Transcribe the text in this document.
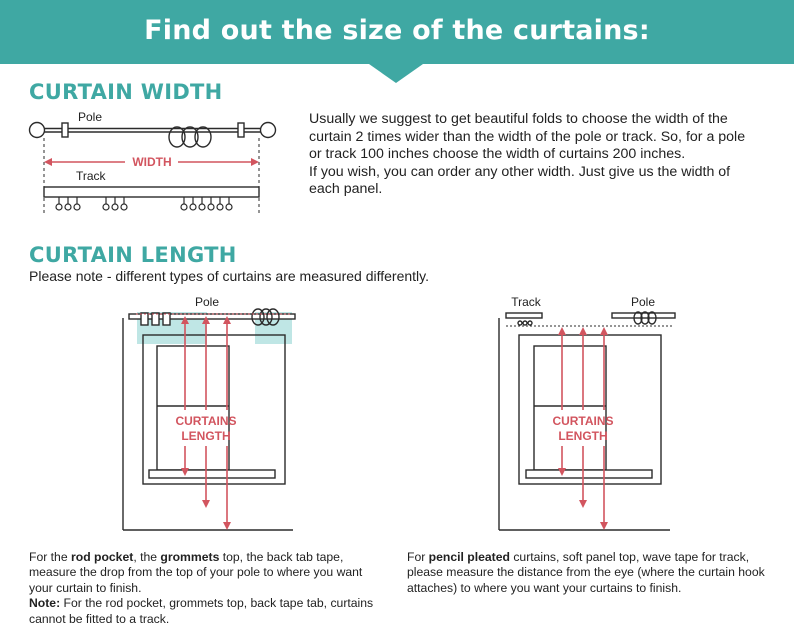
Find out the size of the curtains:
CURTAIN WIDTH
Pole
WIDTH
Track
Usually we suggest to get beautiful folds to choose the width of the
curtain 2 times wider than the width of the pole or track. So, for a pole
or track 100 inches choose the width of curtains 200 inches.
If you wish, you can order any other width. Just give us the width of
each panel.
CURTAIN LENGTH
Please note - different types of curtains are measured differently.
Pole
CURTAINS
LENGTH
Track	Pole
CURTAINS
LENGTH
For the rod pocket, the grommets top, the back tab tape,
measure the drop from the top of your pole to where you want
your curtain to finish.
Note: For the rod pocket, grommets top, back tape tab, curtains
cannot be fitted to a track.
For pencil pleated curtains, soft panel top, wave tape for track,
please measure the distance from the eye (where the curtain hook
attaches) to where you want your curtains to finish.
